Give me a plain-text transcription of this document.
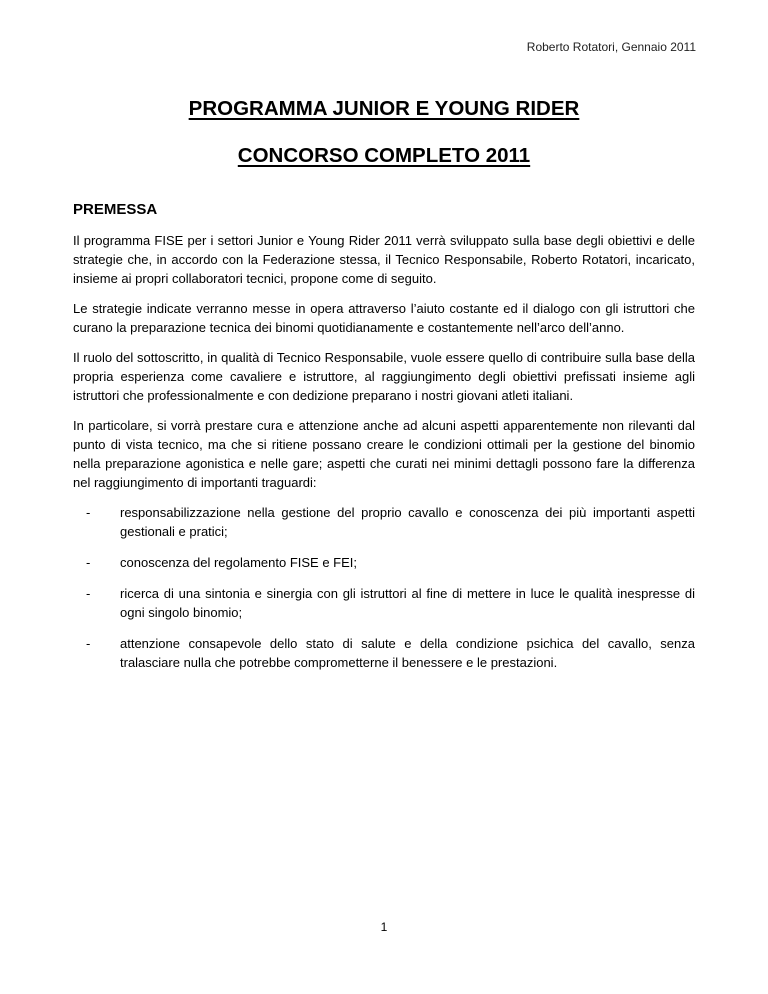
Roberto Rotatori, Gennaio 2011
PROGRAMMA JUNIOR E YOUNG RIDER
CONCORSO COMPLETO 2011
PREMESSA

Il programma FISE per i settori Junior e Young Rider 2011 verrà sviluppato sulla base degli obiettivi e delle strategie che, in accordo con la Federazione stessa, il Tecnico Responsabile, Roberto Rotatori, incaricato, insieme ai propri collaboratori tecnici, propone come di seguito.

Le strategie indicate verranno messe in opera attraverso l’aiuto costante ed il dialogo con gli istruttori che curano la preparazione tecnica dei binomi quotidianamente e costantemente nell’arco dell’anno.

Il ruolo del sottoscritto, in qualità di Tecnico Responsabile, vuole essere quello di contribuire sulla base della propria esperienza come cavaliere e istruttore, al raggiungimento degli obiettivi prefissati insieme agli istruttori che professionalmente e con dedizione preparano i nostri giovani atleti italiani.

In particolare, si vorrà prestare cura e attenzione anche ad alcuni aspetti apparentemente non rilevanti dal punto di vista tecnico, ma che si ritiene possano creare le condizioni ottimali per la gestione del binomio nella preparazione agonistica e nelle gare; aspetti che curati nei minimi dettagli possono fare la differenza nel raggiungimento di importanti traguardi:

- responsabilizzazione nella gestione del proprio cavallo e conoscenza dei più importanti aspetti gestionali e pratici;
- conoscenza del regolamento FISE e FEI;
- ricerca di una sintonia e sinergia con gli istruttori al fine di mettere in luce le qualità inespresse di ogni singolo binomio;
- attenzione consapevole dello stato di salute e della condizione psichica del cavallo, senza tralasciare nulla che potrebbe comprometterne il benessere e le prestazioni.
1
